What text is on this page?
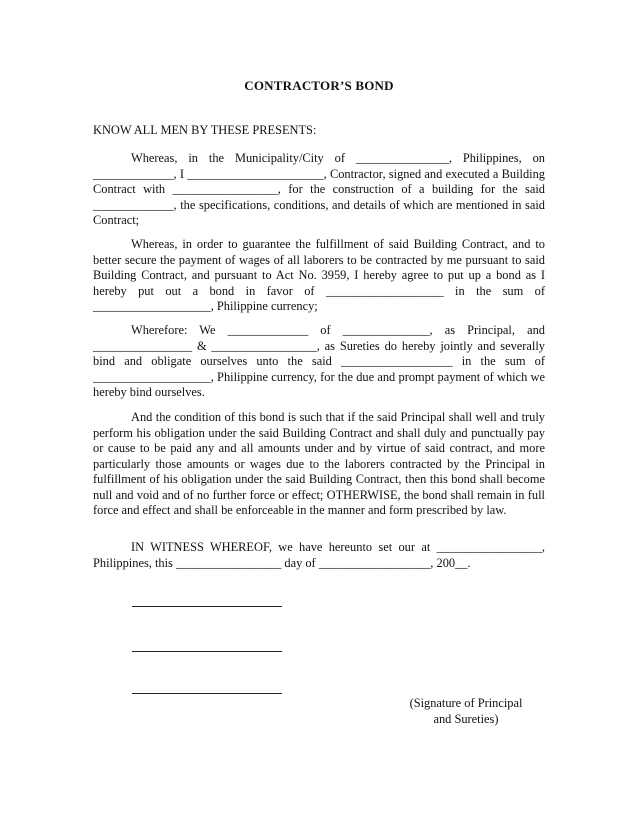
CONTRACTOR’S BOND
KNOW ALL MEN BY THESE PRESENTS:
Whereas, in the Municipality/City of _______________, Philippines, on _____________, I ______________________, Contractor, signed and executed a Building Contract with _________________, for the construction of a building for the said _____________, the specifications, conditions, and details of which are mentioned in said Contract;
Whereas, in order to guarantee the fulfillment of said Building Contract, and to better secure the payment of wages of all laborers to be contracted by me pursuant to said Building Contract, and pursuant to Act No. 3959, I hereby agree to put up a bond as I hereby put out a bond in favor of ___________________ in the sum of ___________________, Philippine currency;
Wherefore: We _____________ of ______________, as Principal, and ________________ & _________________, as Sureties do hereby jointly and severally bind and obligate ourselves unto the said __________________ in the sum of ___________________, Philippine currency, for the due and prompt payment of which we hereby bind ourselves.
And the condition of this bond is such that if the said Principal shall well and truly perform his obligation under the said Building Contract and shall duly and punctually pay or cause to be paid any and all amounts under and by virtue of said contract, and more particularly those amounts or wages due to the laborers contracted by the Principal in fulfillment of his obligation under the said Building Contract, then this bond shall become null and void and of no further force or effect; OTHERWISE, the bond shall remain in full force and effect and shall be enforceable in the manner and form prescribed by law.
IN WITNESS WHEREOF, we have hereunto set our at _________________, Philippines, this _________________ day of __________________, 200__.
(Signature of Principal
and Sureties)
